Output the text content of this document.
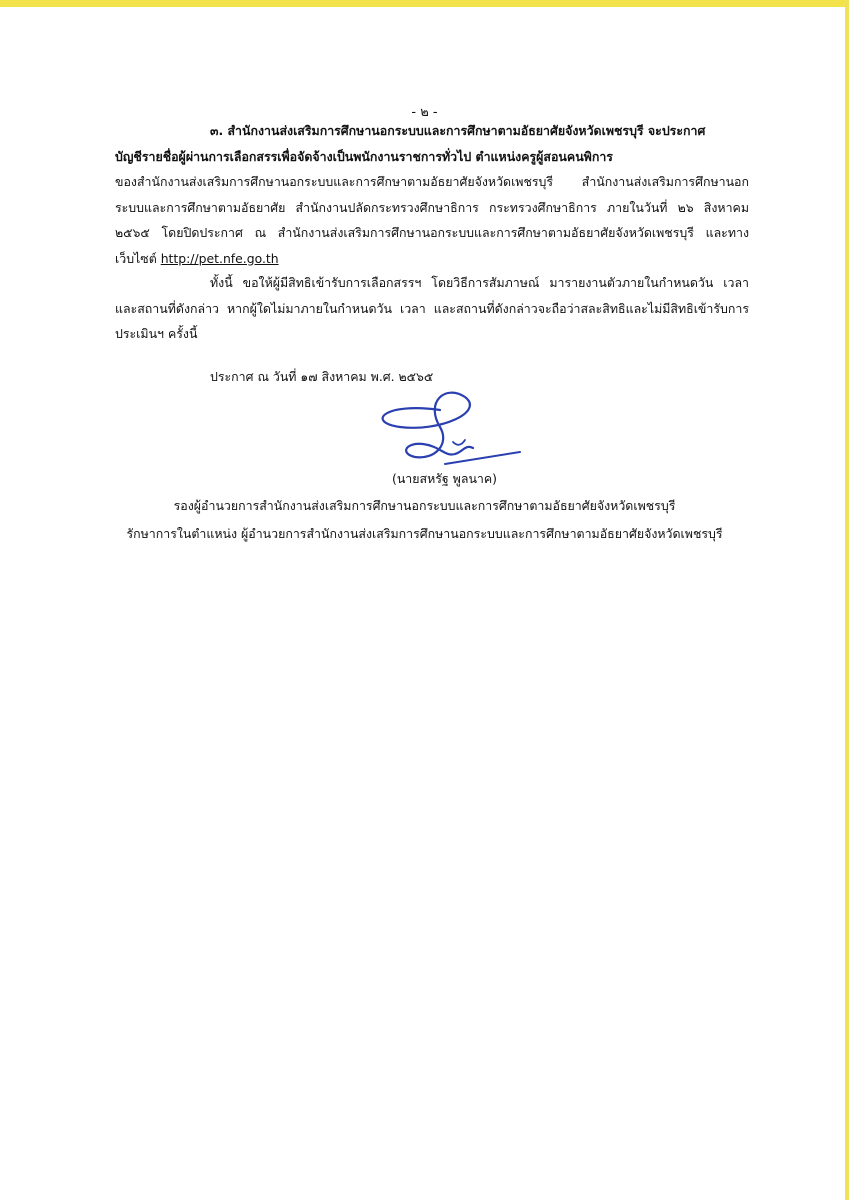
- ๒ -
๓. สำนักงานส่งเสริมการศึกษานอกระบบและการศึกษาตามอัธยาศัยจังหวัดเพชรบุรี จะประกาศ
บัญชีรายชื่อผู้ผ่านการเลือกสรรเพื่อจัดจ้างเป็นพนักงานราชการทั่วไป ตำแหน่งครูผู้สอนคนพิการ
ของสำนักงานส่งเสริมการศึกษานอกระบบและการศึกษาตามอัธยาศัยจังหวัดเพชรบุรี สำนักงานส่งเสริมการศึกษานอกระบบและการศึกษาตามอัธยาศัย สำนักงานปลัดกระทรวงศึกษาธิการ กระทรวงศึกษาธิการ ภายในวันที่ ๒๖ สิงหาคม ๒๕๖๕ โดยปิดประกาศ ณ สำนักงานส่งเสริมการศึกษานอกระบบและการศึกษาตามอัธยาศัยจังหวัดเพชรบุรี และทางเว็บไซต์ http://pet.nfe.go.th
ทั้งนี้ ขอให้ผู้มีสิทธิเข้ารับการเลือกสรรฯ โดยวิธีการสัมภาษณ์ มารายงานตัวภายในกำหนดวัน เวลา และสถานที่ดังกล่าว หากผู้ใดไม่มาภายในกำหนดวัน เวลา และสถานที่ดังกล่าวจะถือว่าสละสิทธิและไม่มีสิทธิเข้ารับการประเมินฯ ครั้งนี้
ประกาศ ณ วันที่ ๑๗ สิงหาคม พ.ศ. ๒๕๖๕
(นายสหรัฐ พูลนาค)
รองผู้อำนวยการสำนักงานส่งเสริมการศึกษานอกระบบและการศึกษาตามอัธยาศัยจังหวัดเพชรบุรี
รักษาการในตำแหน่ง ผู้อำนวยการสำนักงานส่งเสริมการศึกษานอกระบบและการศึกษาตามอัธยาศัยจังหวัดเพชรบุรี
